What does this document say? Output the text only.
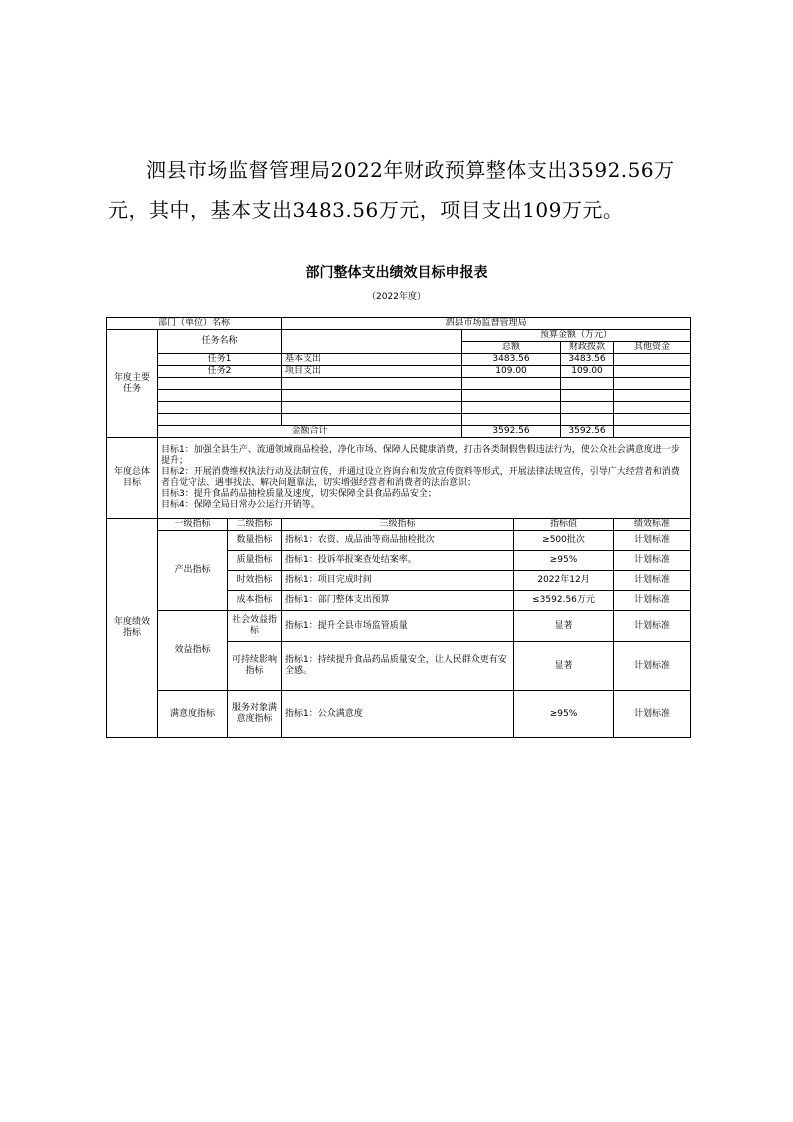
泗县市场监督管理局2022年财政预算整体支出3592.56万元，其中，基本支出3483.56万元，项目支出109万元。
部门整体支出绩效目标申报表
（2022年度）
部门（单位）名称			泗县市场监督管理局				
年度主要任务	任务名称			预算金额（万元）			
				总额		财政拨款	其他资金
	任务1		基本支出	3483.56		3483.56	
	任务2		项目支出	109.00		109.00	

	金额合计			3592.56		3592.56	
年度总体目标	目标1：加强全县生产、流通领域商品检验，净化市场、保障人民健康消费，打击各类制假售假违法行为，使公众社会满意度进一步提升；
目标2：开展消费维权执法行动及法制宣传，并通过设立咨询台和发放宣传资料等形式，开展法律法规宣传，引导广大经营者和消费者自觉守法、遇事找法、解决问题靠法，切实增强经营者和消费者的法治意识；
目标3：提升食品药品抽检质量及速度，切实保障全县食品药品安全；
目标4：保障全局日常办公运行开销等。						

年度绩效指标	一级指标	二级指标	三级指标		指标值		绩效标准
	产出指标	数量指标	指标1：农资、成品油等商品抽检批次		≥500批次		计划标准
		质量指标	指标1：投诉举报案查处结案率。		≥95%		计划标准
		时效指标	指标1：项目完成时间		2022年12月		计划标准
		成本指标	指标1：部门整体支出预算		≤3592.56万元		计划标准
	效益指标	社会效益指标	指标1：提升全县市场监管质量		显著		计划标准
		可持续影响指标	指标1：持续提升食品药品质量安全，让人民群众更有安全感。		显著		计划标准
	满意度指标	服务对象满意度指标	指标1：公众满意度		≥95%		计划标准
